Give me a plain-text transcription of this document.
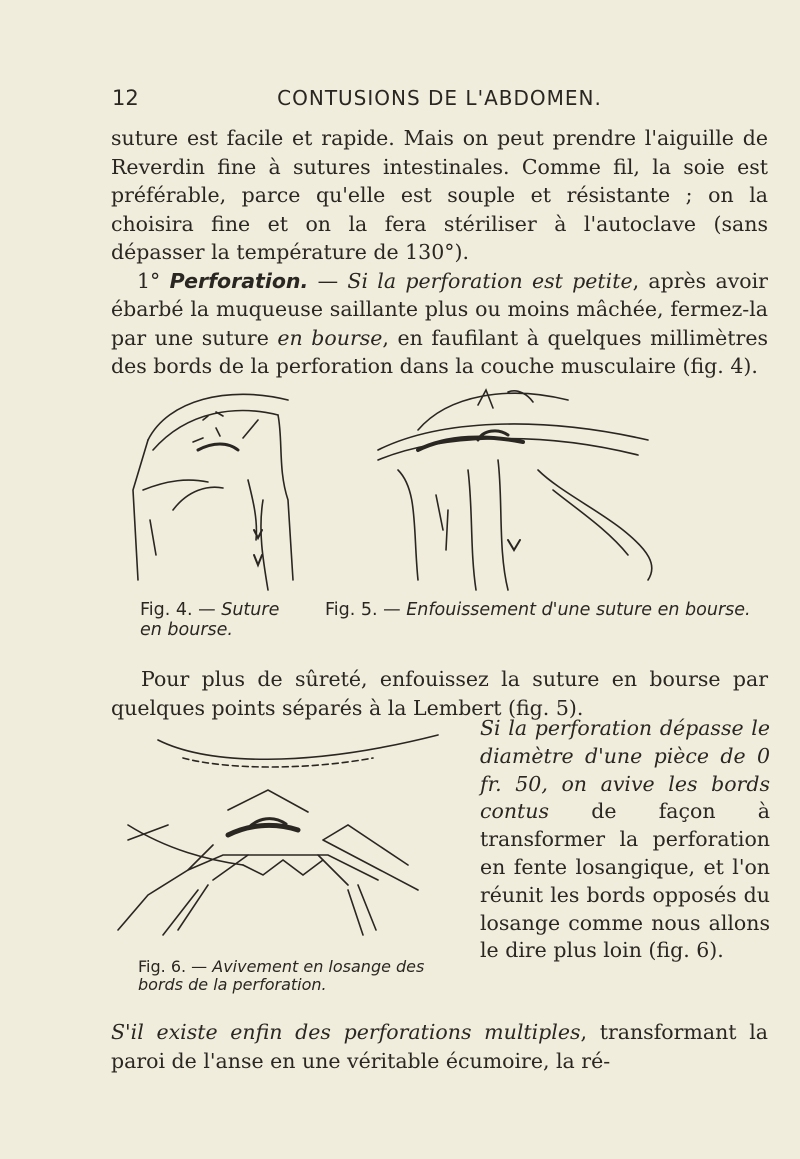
12	CONTUSIONS DE L'ABDOMEN.

suture est facile et rapide. Mais on peut prendre l'aiguille de Reverdin fine à sutures intestinales. Comme fil, la soie est préférable, parce qu'elle est souple et résistante ; on la choisira fine et on la fera stériliser à l'autoclave (sans dépasser la température de 130°).

1° Perforation. — Si la perforation est petite, après avoir ébarbé la muqueuse saillante plus ou moins mâchée, fermez-la par une suture en bourse, en faufilant à quelques millimètres des bords de la perforation dans la couche musculaire (fig. 4).

Fig. 4. — Suture en bourse.
Fig. 5. — Enfouissement d'une suture en bourse.

Pour plus de sûreté, enfouissez la suture en bourse par quelques points séparés à la Lembert (fig. 5).

Si la perforation dépasse le diamètre d'une pièce de 0 fr. 50, on avive les bords contus de façon à transformer la perforation en fente losangique, et l'on réunit les bords opposés du losange comme nous allons le dire plus loin (fig. 6).

Fig. 6. — Avivement en losange des bords de la perforation.

S'il existe enfin des perforations multiples, transformant la paroi de l'anse en une véritable écumoire, la ré-
